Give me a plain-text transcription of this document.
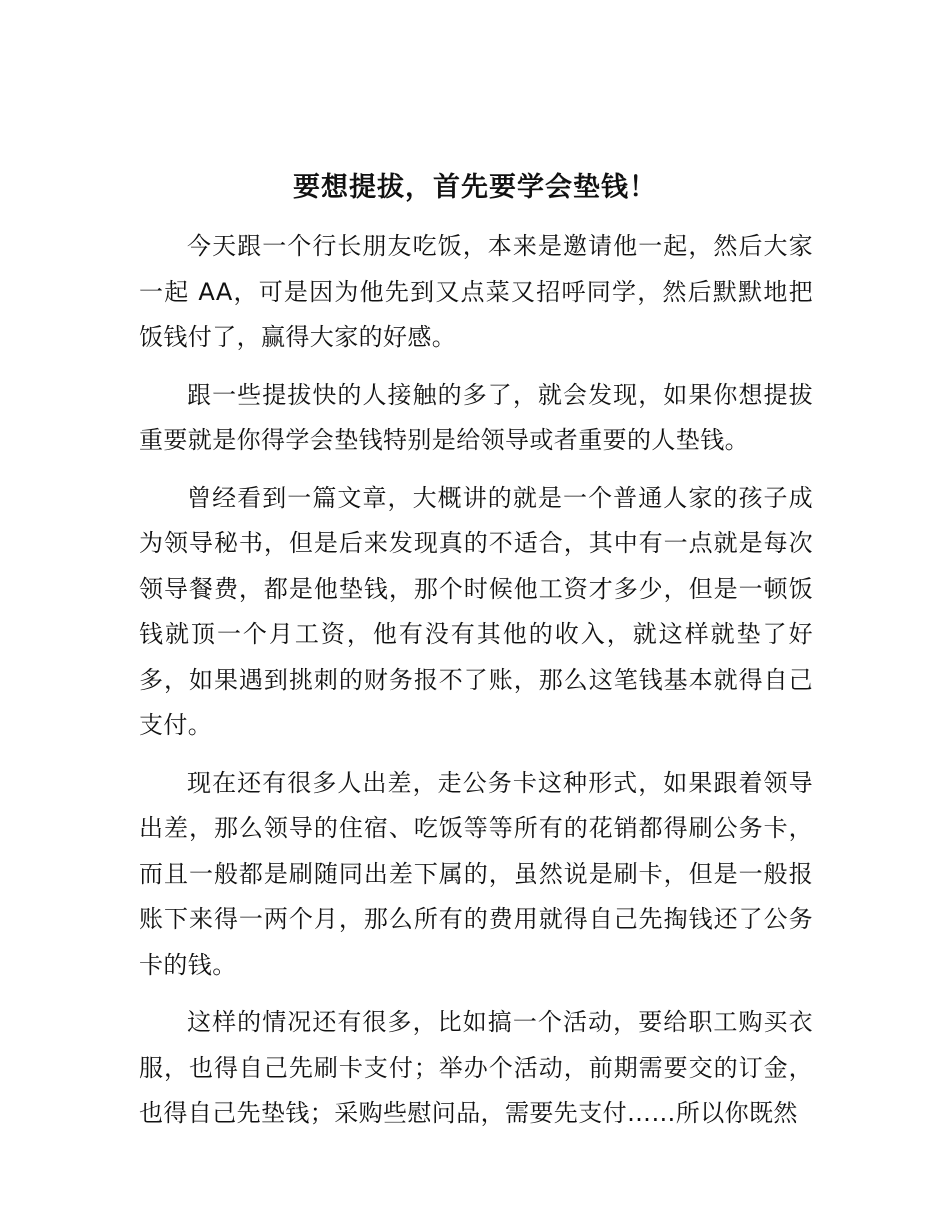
要想提拔，首先要学会垫钱！

今天跟一个行长朋友吃饭，本来是邀请他一起，然后大家一起 AA，可是因为他先到又点菜又招呼同学，然后默默地把饭钱付了，赢得大家的好感。

跟一些提拔快的人接触的多了，就会发现，如果你想提拔重要就是你得学会垫钱特别是给领导或者重要的人垫钱。

曾经看到一篇文章，大概讲的就是一个普通人家的孩子成为领导秘书，但是后来发现真的不适合，其中有一点就是每次领导餐费，都是他垫钱，那个时候他工资才多少，但是一顿饭钱就顶一个月工资，他有没有其他的收入，就这样就垫了好多，如果遇到挑刺的财务报不了账，那么这笔钱基本就得自己支付。

现在还有很多人出差，走公务卡这种形式，如果跟着领导出差，那么领导的住宿、吃饭等等所有的花销都得刷公务卡，而且一般都是刷随同出差下属的，虽然说是刷卡，但是一般报账下来得一两个月，那么所有的费用就得自己先掏钱还了公务卡的钱。

这样的情况还有很多，比如搞一个活动，要给职工购买衣服，也得自己先刷卡支付；举办个活动，前期需要交的订金，也得自己先垫钱；采购些慰问品，需要先支付……所以你既然
